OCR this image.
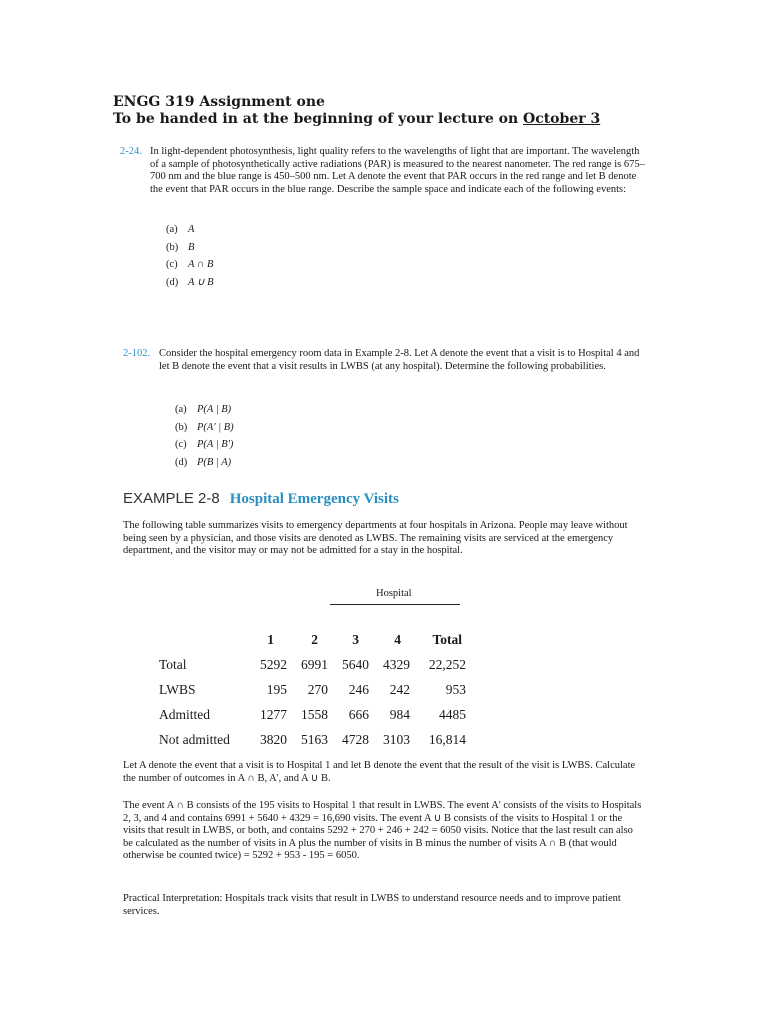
ENGG 319 Assignment one
To be handed in at the beginning of your lecture on October 3
2-24. In light-dependent photosynthesis, light quality refers to the wavelengths of light that are important. The wavelength of a sample of photosynthetically active radiations (PAR) is measured to the nearest nanometer. The red range is 675–700 nm and the blue range is 450–500 nm. Let A denote the event that PAR occurs in the red range and let B denote the event that PAR occurs in the blue range. Describe the sample space and indicate each of the following events:
(a) A
(b) B
(c) A ∩ B
(d) A ∪ B
2-102. Consider the hospital emergency room data in Example 2-8. Let A denote the event that a visit is to Hospital 4 and let B denote the event that a visit results in LWBS (at any hospital). Determine the following probabilities.
(a) P(A | B)
(b) P(A' | B)
(c) P(A | B')
(d) P(B | A)
EXAMPLE 2-8 Hospital Emergency Visits
The following table summarizes visits to emergency departments at four hospitals in Arizona. People may leave without being seen by a physician, and those visits are denoted as LWBS. The remaining visits are serviced at the emergency department, and the visitor may or may not be admitted for a stay in the hospital.
Hospital
1	2	3	4	Total
Total	5292	6991	5640	4329	22,252
LWBS	195	270	246	242	953
Admitted	1277	1558	666	984	4485
Not admitted	3820	5163	4728	3103	16,814
Let A denote the event that a visit is to Hospital 1 and let B denote the event that the result of the visit is LWBS. Calculate the number of outcomes in A ∩ B, A', and A ∪ B.
The event A ∩ B consists of the 195 visits to Hospital 1 that result in LWBS. The event A' consists of the visits to Hospitals 2, 3, and 4 and contains 6991 + 5640 + 4329 = 16,690 visits. The event A ∪ B consists of the visits to Hospital 1 or the visits that result in LWBS, or both, and contains 5292 + 270 + 246 + 242 = 6050 visits. Notice that the last result can also be calculated as the number of visits in A plus the number of visits in B minus the number of visits A ∩ B (that would otherwise be counted twice) = 5292 + 953 - 195 = 6050.
Practical Interpretation: Hospitals track visits that result in LWBS to understand resource needs and to improve patient services.
